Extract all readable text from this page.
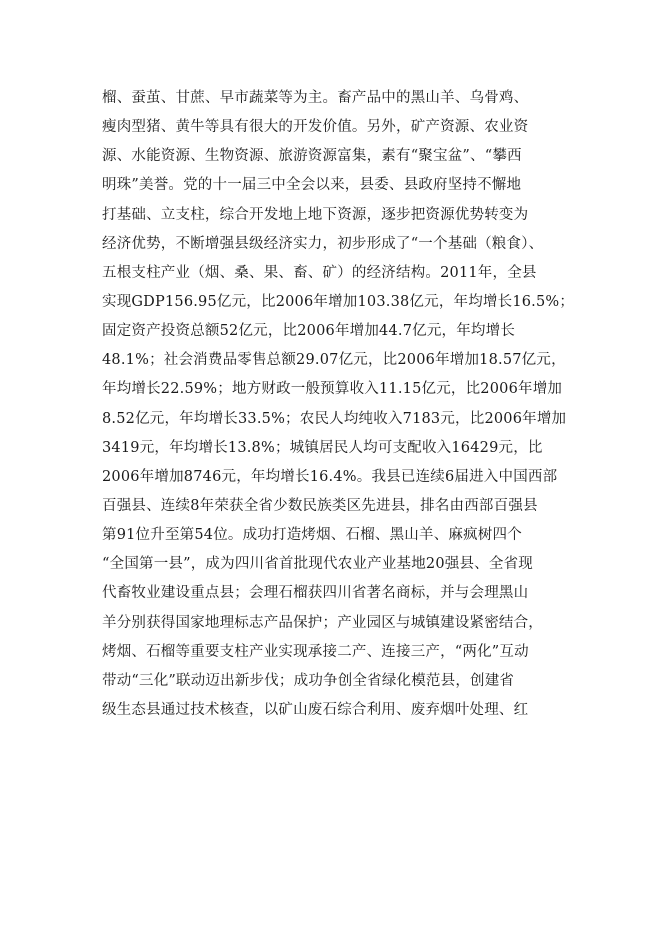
榴、蚕茧、甘蔗、早市蔬菜等为主。畜产品中的黑山羊、乌骨鸡、
瘦肉型猪、黄牛等具有很大的开发价值。另外，矿产资源、农业资
源、水能资源、生物资源、旅游资源富集，素有“聚宝盆”、“攀西
明珠”美誉。党的十一届三中全会以来，县委、县政府坚持不懈地
打基础、立支柱，综合开发地上地下资源，逐步把资源优势转变为
经济优势，不断增强县级经济实力，初步形成了“一个基础（粮食）、
五根支柱产业（烟、桑、果、畜、矿）的经济结构。2011年，全县
实现GDP156.95亿元，比2006年增加103.38亿元，年均增长16.5%；
固定资产投资总额52亿元，比2006年增加44.7亿元，年均增长
48.1%；社会消费品零售总额29.07亿元，比2006年增加18.57亿元，
年均增长22.59%；地方财政一般预算收入11.15亿元，比2006年增加
8.52亿元，年均增长33.5%；农民人均纯收入7183元，比2006年增加
3419元，年均增长13.8%；城镇居民人均可支配收入16429元，比
2006年增加8746元，年均增长16.4%。我县已连续6届进入中国西部
百强县、连续8年荣获全省少数民族类区先进县，排名由西部百强县
第91位升至第54位。成功打造烤烟、石榴、黑山羊、麻疯树四个
“全国第一县”，成为四川省首批现代农业产业基地20强县、全省现
代畜牧业建设重点县；会理石榴获四川省著名商标，并与会理黑山
羊分别获得国家地理标志产品保护；产业园区与城镇建设紧密结合，
烤烟、石榴等重要支柱产业实现承接二产、连接三产，“两化”互动
带动“三化”联动迈出新步伐；成功争创全省绿化模范县，创建省
级生态县通过技术核查，以矿山废石综合利用、废弃烟叶处理、红
